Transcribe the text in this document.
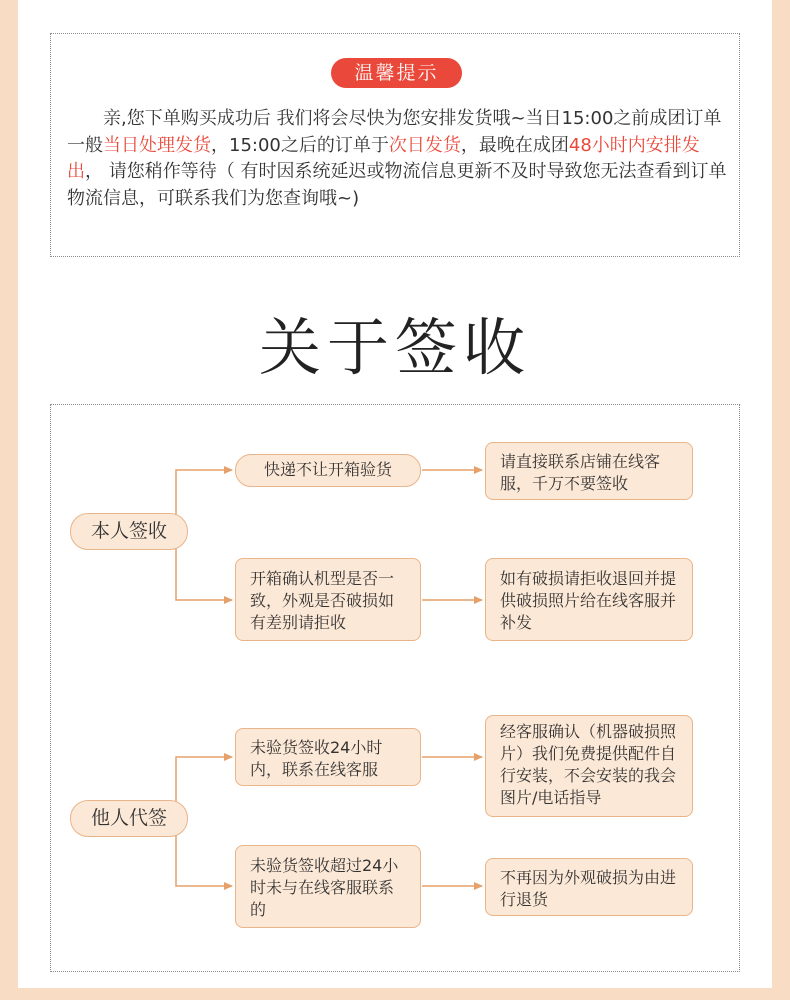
温馨提示
　　亲,您下单购买成功后 我们将会尽快为您安排发货哦~当日15:00之前成团订单一般当日处理发货，15:00之后的订单于次日发货，最晚在成团48小时内安排发出， 请您稍作等待（ 有时因系统延迟或物流信息更新不及时导致您无法查看到订单物流信息，可联系我们为您查询哦~)
关于签收
本人签收
快递不让开箱验货	请直接联系店铺在线客服，千万不要签收
开箱确认机型是否一致，外观是否破损如有差别请拒收
如有破损请拒收退回并提供破损照片给在线客服并补发
他人代签
未验货签收24小时内，联系在线客服
经客服确认（机器破损照片）我们免费提供配件自行安装，不会安装的我会图片/电话指导
未验货签收超过24小时未与在线客服联系的
不再因为外观破损为由进行退货
